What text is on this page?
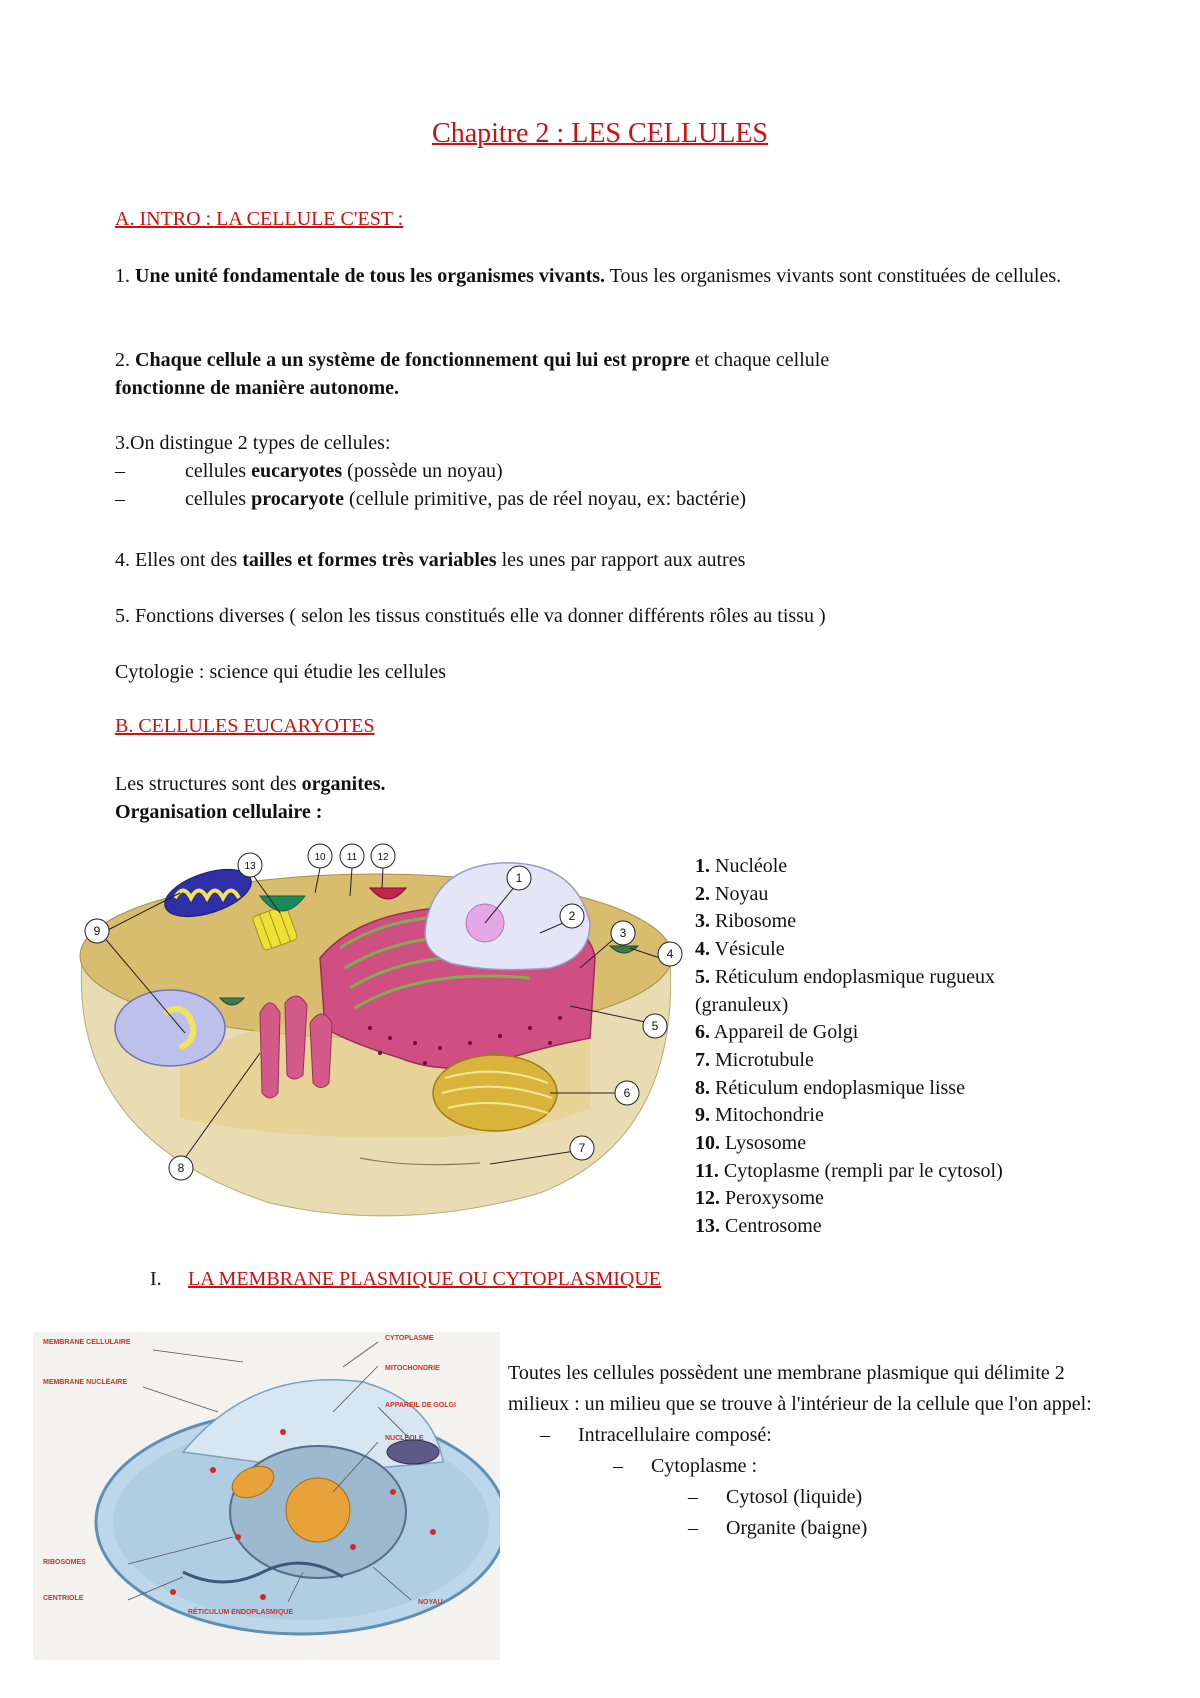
Chapitre 2 : LES CELLULES
A. INTRO : LA CELLULE C'EST :
1. Une unité fondamentale de tous les organismes vivants. Tous les organismes vivants sont constituées de cellules.
2. Chaque cellule a un système de fonctionnement qui lui est propre et chaque cellule
fonctionne de manière autonome.
3.On distingue 2 types de cellules:
–	cellules eucaryotes (possède un noyau)
–	cellules procaryote (cellule primitive, pas de réel noyau, ex: bactérie)
4. Elles ont des tailles et formes très variables les unes par rapport aux autres
5. Fonctions diverses ( selon les tissus constitués elle va donner différents rôles au tissu )
Cytologie : science qui étudie les cellules
B. CELLULES EUCARYOTES
Les structures sont des organites.
Organisation cellulaire :
1
2
3
4
5
6
7
8
9
10 11 12
13	1. Nucléole
2. Noyau
3. Ribosome
4. Vésicule
5. Réticulum endoplasmique rugueux
(granuleux)
6. Appareil de Golgi
7. Microtubule
8. Réticulum endoplasmique lisse
9. Mitochondrie
10. Lysosome
11. Cytoplasme (rempli par le cytosol)
12. Peroxysome
13. Centrosome
I. LA MEMBRANE PLASMIQUE OU CYTOPLASMIQUE
MEMBRANE CELLULAIRE
MEMBRANE NUCLÉAIRE
CYTOPLASME
MITOCHONDRIE
APPAREIL DE GOLGI
NUCLÉOLE
RIBOSOMES
CENTRIOLE
RÉTICULUM ENDOPLASMIQUE
NOYAU
Toutes les cellules possèdent une membrane plasmique qui délimite 2 milieux : un milieu que se trouve à l'intérieur de la cellule que l'on appel:
– Intracellulaire composé:
– Cytoplasme :
– Cytosol (liquide)
– Organite (baigne)
